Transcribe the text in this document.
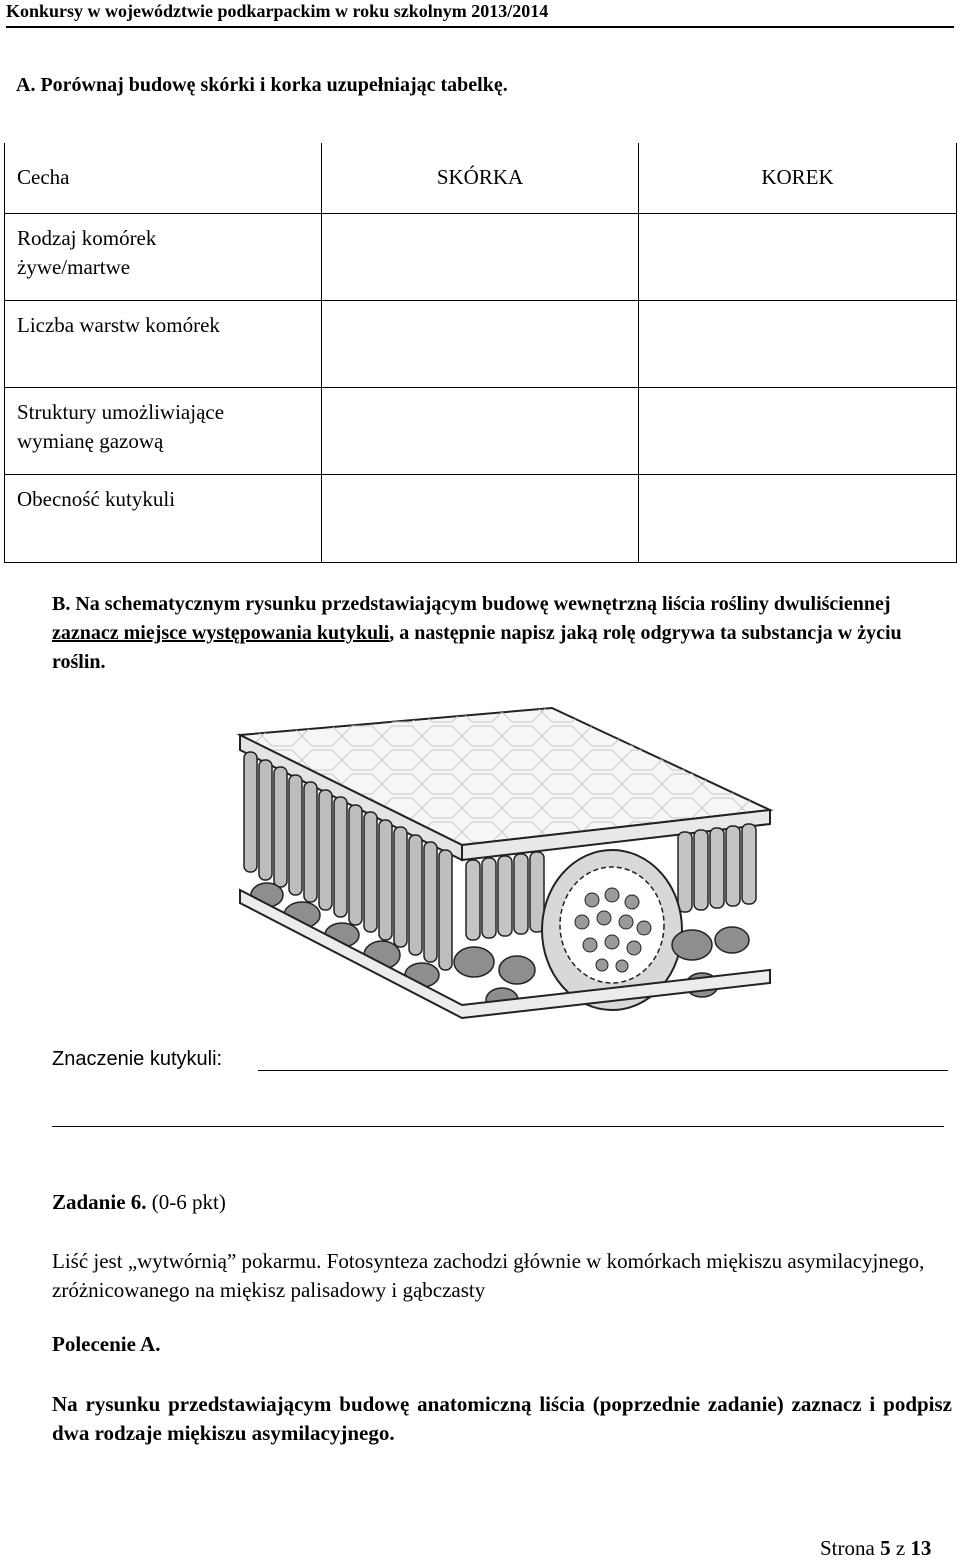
Konkursy w województwie podkarpackim w roku szkolnym 2013/2014
A. Porównaj budowę skórki i korka uzupełniając tabelkę.
Cecha	SKÓRKA	KOREK

Rodzaj komórek
żywe/martwe		

Liczba warstw komórek		

Struktury umożliwiające
wymianę gazową		

Obecność kutykuli		

B. Na schematycznym rysunku przedstawiającym budowę wewnętrzną liścia rośliny dwuliściennej zaznacz miejsce występowania kutykuli, a następnie napisz jaką rolę odgrywa ta substancja w życiu roślin.
Znaczenie kutykuli:
Zadanie 6. (0-6 pkt)
Liść jest „wytwórnią” pokarmu. Fotosynteza zachodzi głównie w komórkach miękiszu asymilacyjnego, zróżnicowanego na miękisz palisadowy i gąbczasty
Polecenie A.
Na rysunku przedstawiającym budowę anatomiczną liścia (poprzednie zadanie) zaznacz i podpisz dwa rodzaje miękiszu asymilacyjnego.
Strona 5 z 13
